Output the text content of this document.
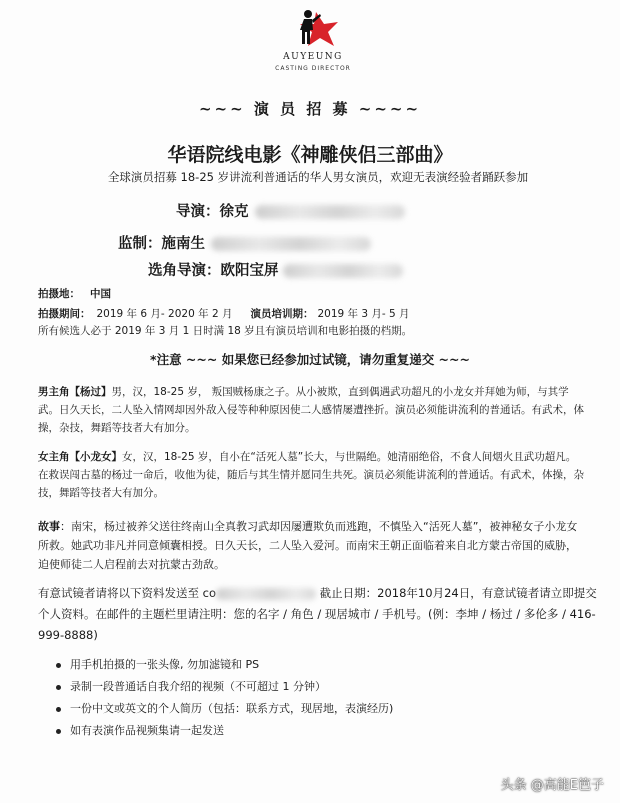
AUYEUNG
CASTING DIRECTOR
~~~ 演 员 招 募 ~~~~
华语院线电影《神雕侠侣三部曲》
全球演员招募 18-25 岁讲流利普通话的华人男女演员，欢迎无表演经验者踊跃参加
导演：徐克
监制：施南生
选角导演：欧阳宝屏
拍摄地： 中国
拍摄期间： 2019 年 6 月- 2020 年 2 月 演员培训期： 2019 年 3 月- 5 月
所有候选人必于 2019 年 3 月 1 日时满 18 岁且有演员培训和电影拍摄的档期。
*注意 ~~~ 如果您已经参加过试镜，请勿重复递交 ~~~
男主角【杨过】男，汉，18-25 岁， 叛国贼杨康之子。从小被欺，直到偶遇武功超凡的小龙女并拜她为师，与其学武。日久天长，二人坠入情网却因外敌入侵等种种原因使二人感情屡遭挫折。演员必须能讲流利的普通话。有武术，体操，杂技，舞蹈等技者大有加分。
女主角【小龙女】女，汉，18-25 岁，自小在“活死人墓”长大，与世隔绝。她清丽绝俗，不食人间烟火且武功超凡。在救误闯古墓的杨过一命后，收他为徒，随后与其生情并愿同生共死。演员必须能讲流利的普通话。有武术，体操，杂技，舞蹈等技者大有加分。
故事：南宋，杨过被养父送往终南山全真教习武却因屡遭欺负而逃跑，不慎坠入“活死人墓”，被神秘女子小龙女所救。她武功非凡并同意倾囊相授。日久天长，二人坠入爱河。而南宋王朝正面临着来自北方蒙古帝国的威胁，迫使师徒二人启程前去对抗蒙古劲敌。
有意试镜者请将以下资料发送至 co	截止日期：2018年10月24日，有意试镜者请立即提交个人资料。在邮件的主题栏里请注明：您的名字 / 角色 / 现居城市 / 手机号。(例：李坤 / 杨过 / 多伦多 / 416-999-8888)
用手机拍摄的一张头像, 勿加滤镜和 PS
录制一段普通话自我介绍的视频（不可超过 1 分钟）
一份中文或英文的个人简历（包括：联系方式，现居地，表演经历)
如有表演作品视频集请一起发送
头条 @高能E笆子
